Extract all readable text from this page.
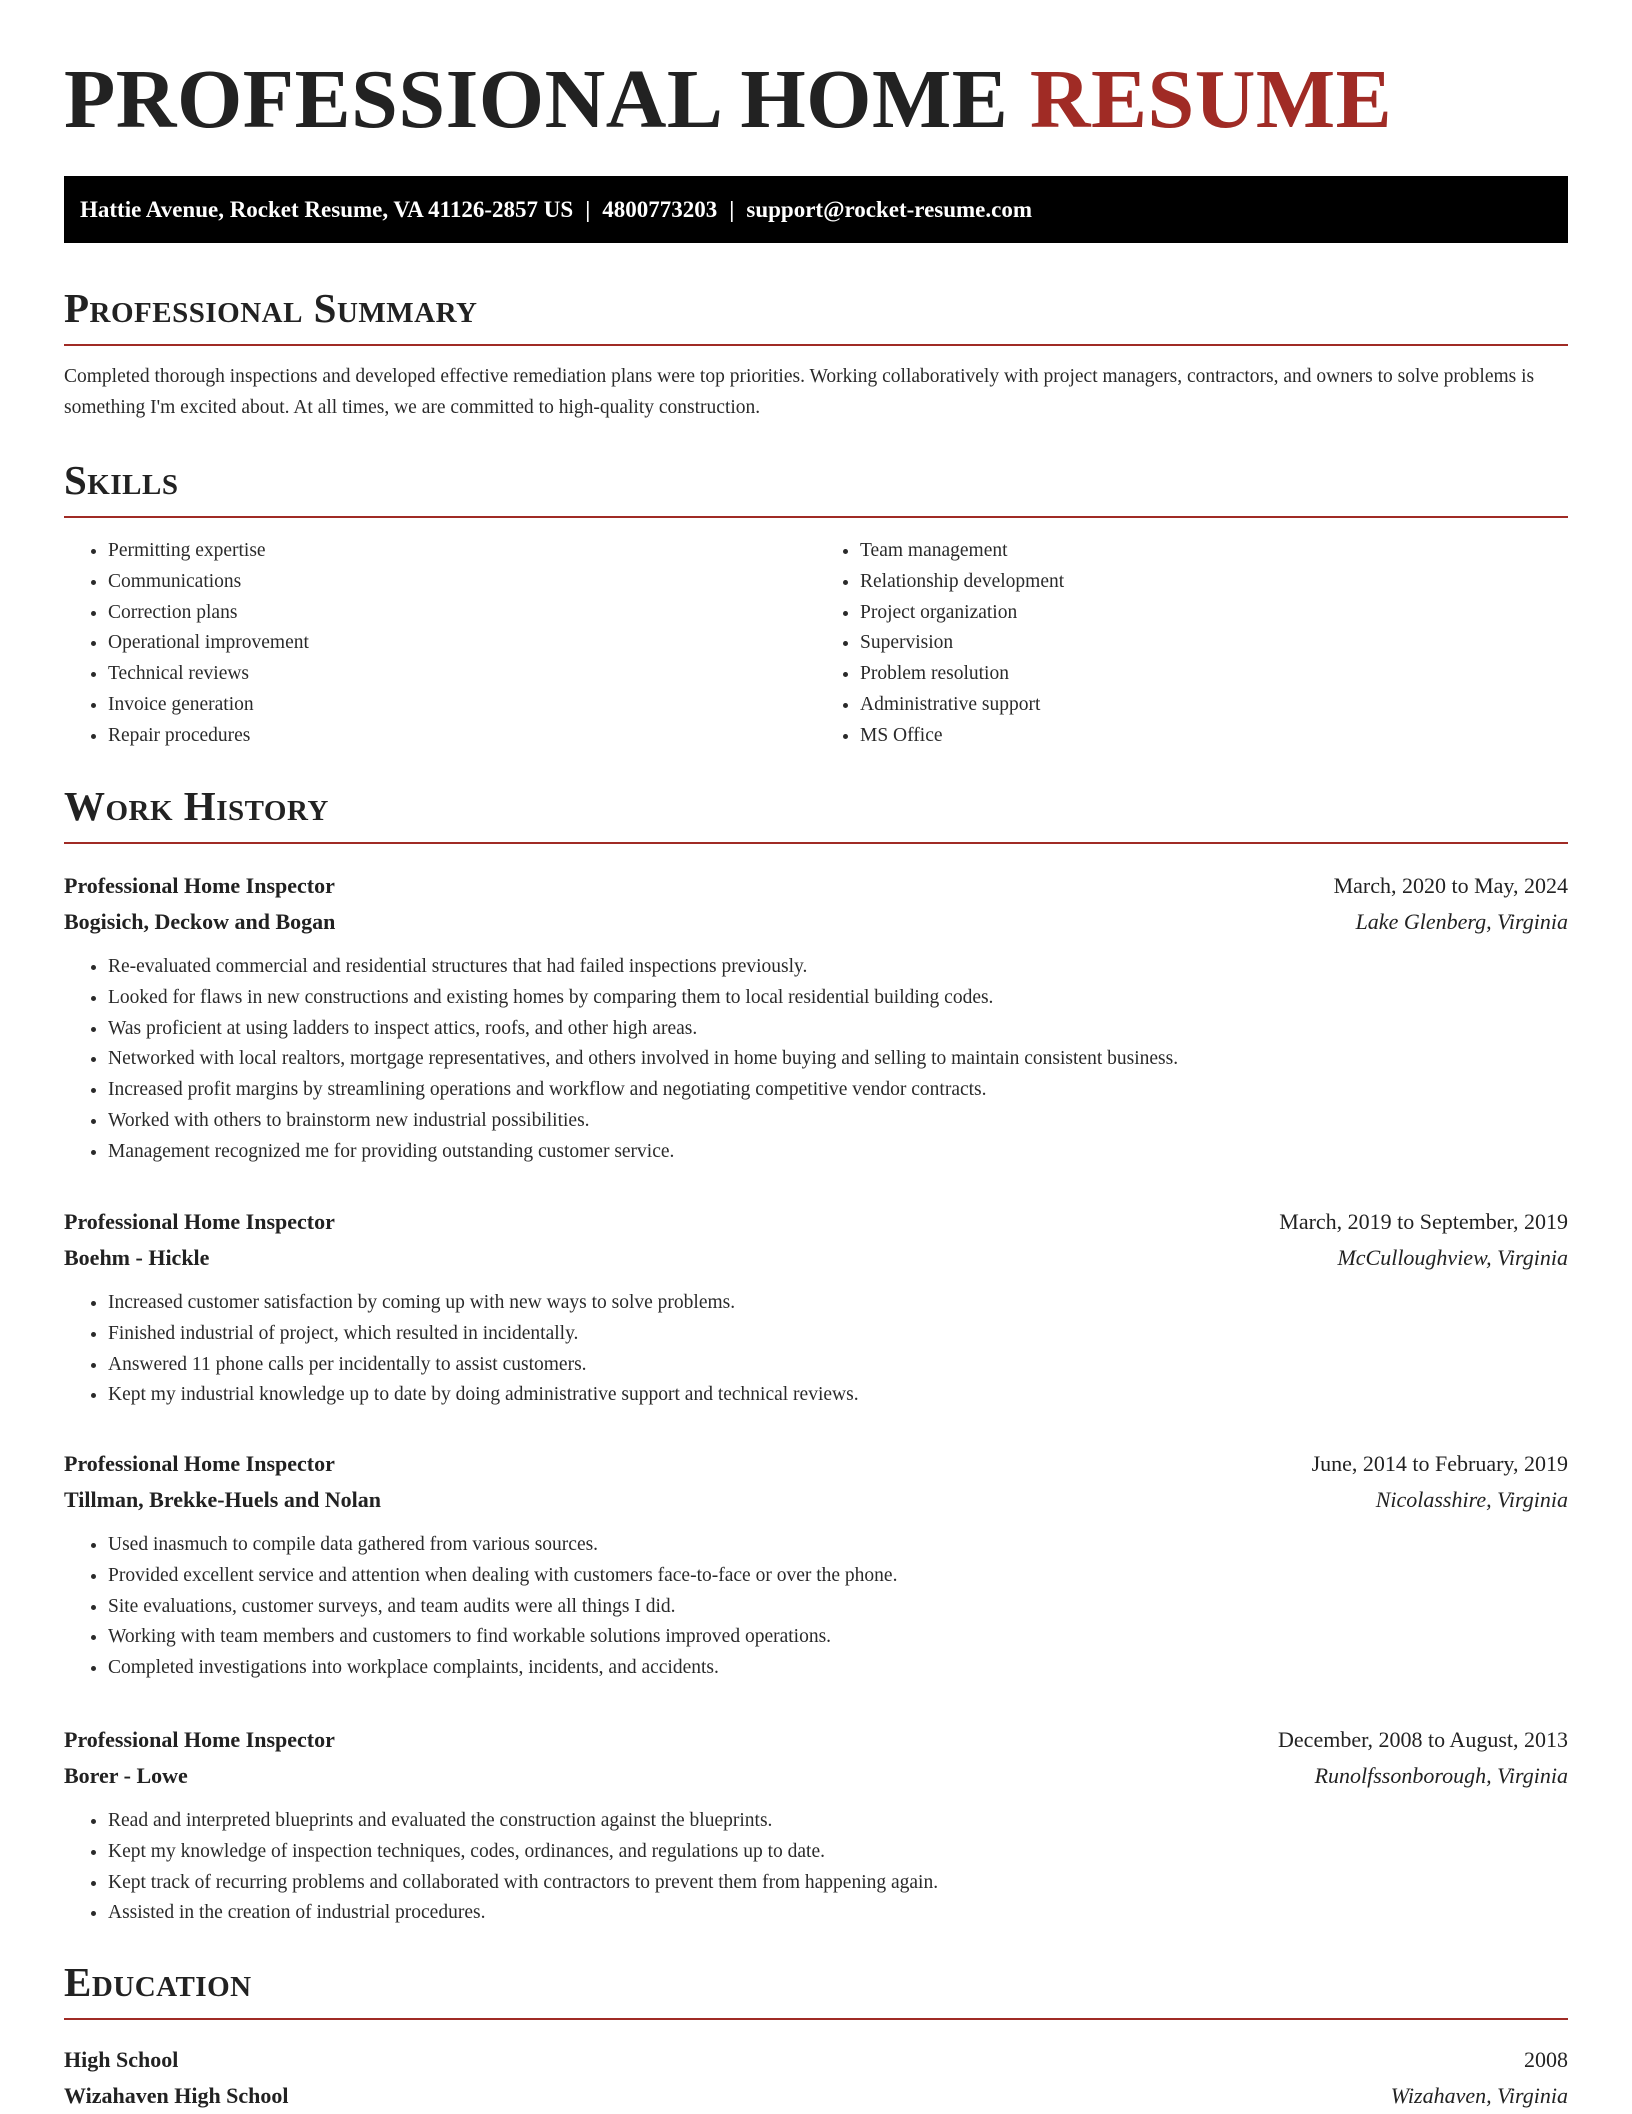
PROFESSIONAL HOME RESUME
Hattie Avenue, Rocket Resume, VA 41126-2857 US | 4800773203 | support@rocket-resume.com
Professional Summary
Completed thorough inspections and developed effective remediation plans were top priorities. Working collaboratively with project managers, contractors, and owners to solve problems is something I'm excited about. At all times, we are committed to high-quality construction.
Skills
• Permitting expertise
• Communications
• Correction plans
• Operational improvement
• Technical reviews
• Invoice generation
• Repair procedures
• Team management
• Relationship development
• Project organization
• Supervision
• Problem resolution
• Administrative support
• MS Office
Work History
Professional Home Inspector	March, 2020 to May, 2024
Bogisich, Deckow and Bogan	Lake Glenberg, Virginia
• Re-evaluated commercial and residential structures that had failed inspections previously.
• Looked for flaws in new constructions and existing homes by comparing them to local residential building codes.
• Was proficient at using ladders to inspect attics, roofs, and other high areas.
• Networked with local realtors, mortgage representatives, and others involved in home buying and selling to maintain consistent business.
• Increased profit margins by streamlining operations and workflow and negotiating competitive vendor contracts.
• Worked with others to brainstorm new industrial possibilities.
• Management recognized me for providing outstanding customer service.
Professional Home Inspector	March, 2019 to September, 2019
Boehm - Hickle	McCulloughview, Virginia
• Increased customer satisfaction by coming up with new ways to solve problems.
• Finished industrial of project, which resulted in incidentally.
• Answered 11 phone calls per incidentally to assist customers.
• Kept my industrial knowledge up to date by doing administrative support and technical reviews.
Professional Home Inspector	June, 2014 to February, 2019
Tillman, Brekke-Huels and Nolan	Nicolasshire, Virginia
• Used inasmuch to compile data gathered from various sources.
• Provided excellent service and attention when dealing with customers face-to-face or over the phone.
• Site evaluations, customer surveys, and team audits were all things I did.
• Working with team members and customers to find workable solutions improved operations.
• Completed investigations into workplace complaints, incidents, and accidents.
Professional Home Inspector	December, 2008 to August, 2013
Borer - Lowe	Runolfssonborough, Virginia
• Read and interpreted blueprints and evaluated the construction against the blueprints.
• Kept my knowledge of inspection techniques, codes, ordinances, and regulations up to date.
• Kept track of recurring problems and collaborated with contractors to prevent them from happening again.
• Assisted in the creation of industrial procedures.
Education
High School	2008
Wizahaven High School	Wizahaven, Virginia
